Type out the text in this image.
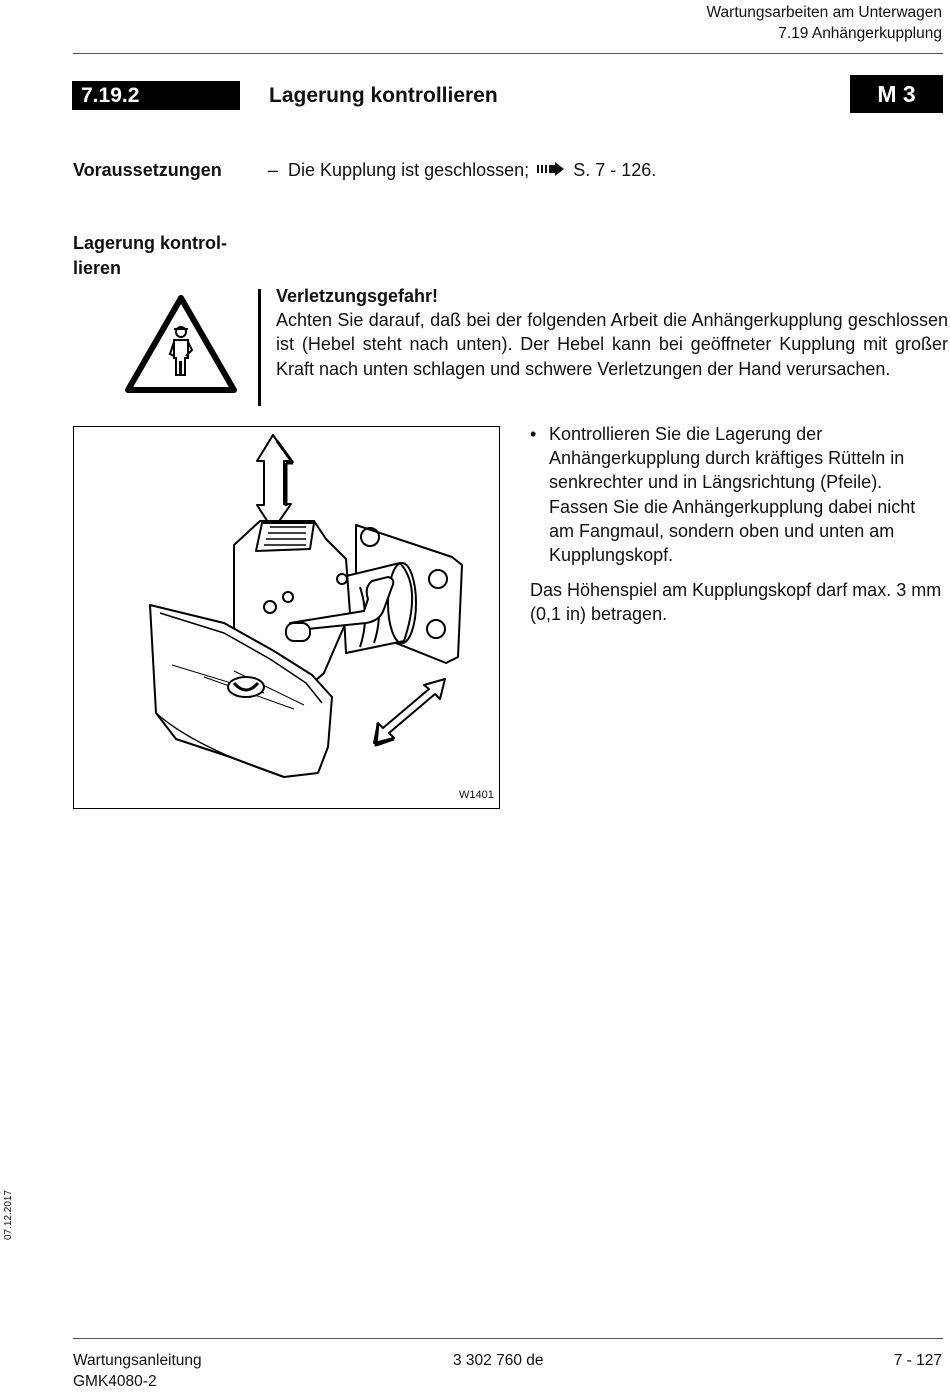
Wartungsarbeiten am Unterwagen
7.19 Anhängerkupplung
7.19.2	Lagerung kontrollieren	M 3
Voraussetzungen	– Die Kupplung ist geschlossen; S. 7 - 126.
Lagerung kontrol-
lieren
Verletzungsgefahr!
Achten Sie darauf, daß bei der folgenden Arbeit die Anhängerkupplung geschlossen ist (Hebel steht nach unten). Der Hebel kann bei geöffneter Kupplung mit großer Kraft nach unten schlagen und schwere Verletzungen der Hand verursachen.
W1401
• Kontrollieren Sie die Lagerung der Anhängerkupplung durch kräftiges Rütteln in senkrechter und in Längsrichtung (Pfeile). Fassen Sie die Anhängerkupplung dabei nicht am Fangmaul, sondern oben und unten am Kupplungskopf.
Das Höhenspiel am Kupplungskopf darf max. 3 mm (0,1 in) betragen.
07.12.2017
Wartungsanleitung
GMK4080-2
3 302 760 de	7 - 127
